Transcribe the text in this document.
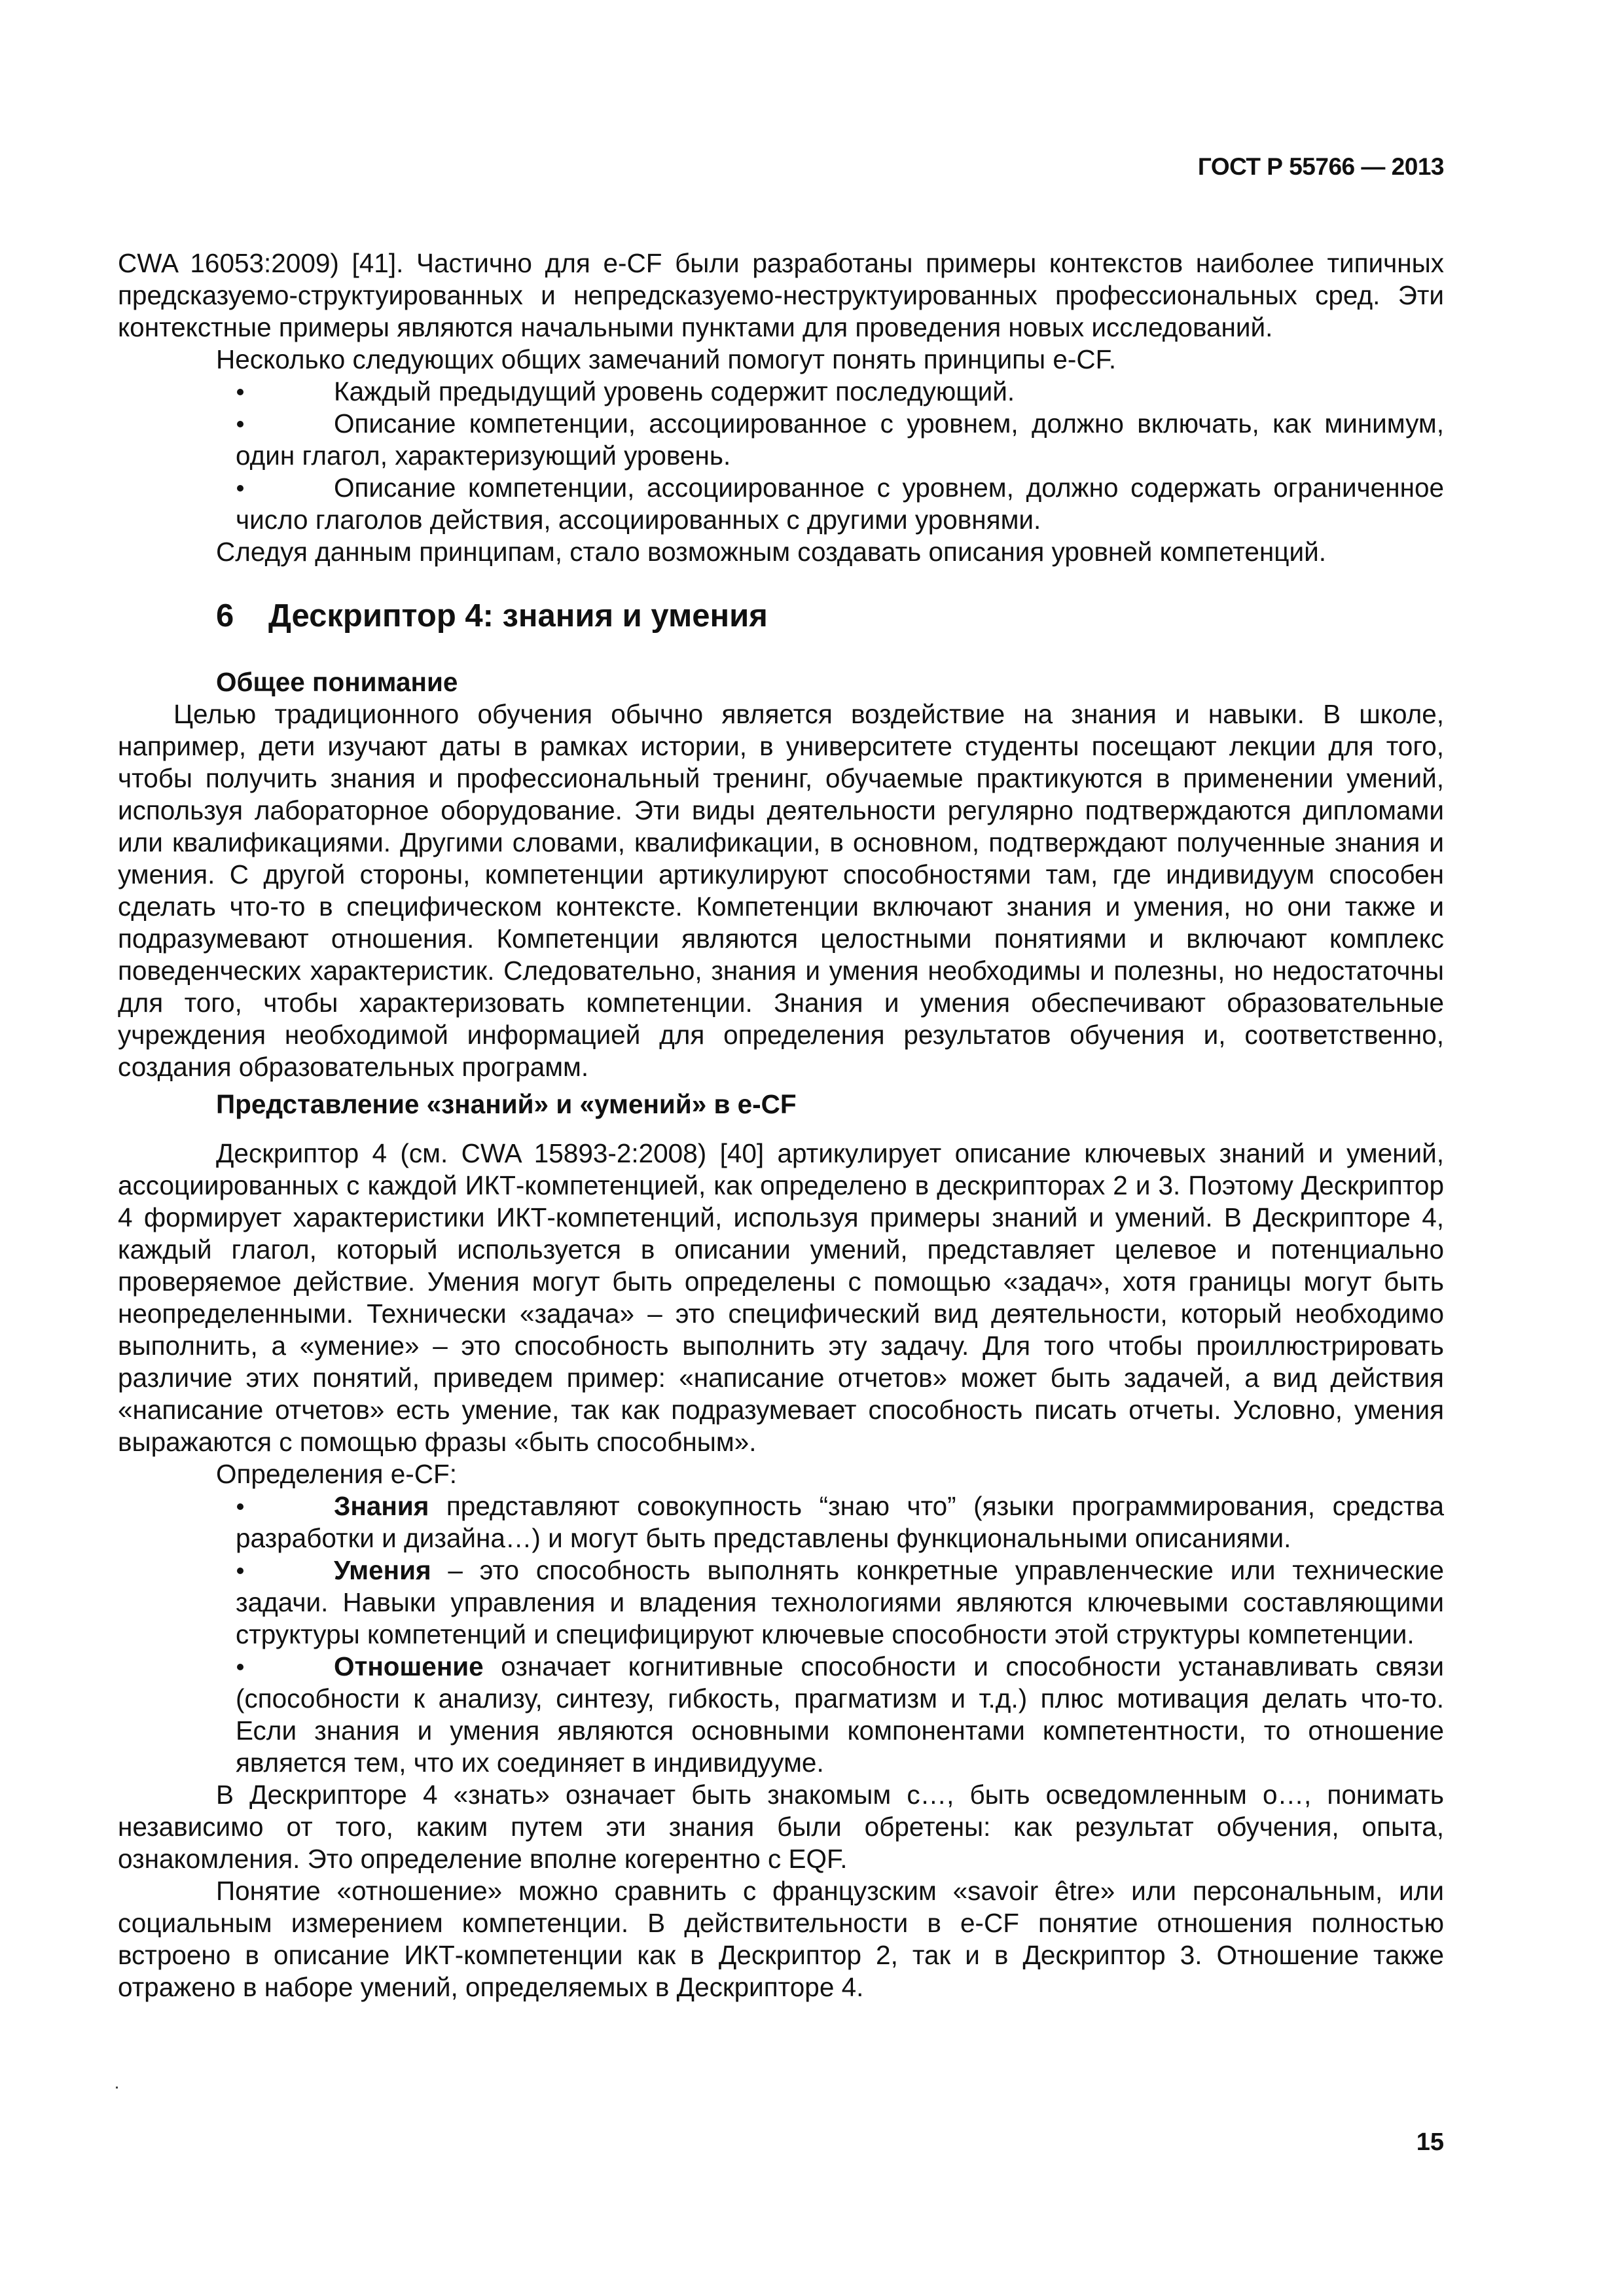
ГОСТ Р 55766 — 2013

CWA 16053:2009) [41]. Частично для e-CF были разработаны примеры контекстов наиболее типичных предсказуемо-структуированных и непредсказуемо-неструктуированных профессиональных сред. Эти контекстные примеры являются начальными пунктами для проведения новых исследований.

Несколько следующих общих замечаний помогут понять принципы e-CF.

Каждый предыдущий уровень содержит последующий.
Описание компетенции, ассоциированное с уровнем, должно включать, как минимум, один глагол, характеризующий уровень.
Описание компетенции, ассоциированное с уровнем, должно содержать ограниченное число глаголов действия, ассоциированных с другими уровнями.

Следуя данным принципам, стало возможным создавать описания уровней компетенций.

6 Дескриптор 4: знания и умения
Общее понимание

Целью традиционного обучения обычно является воздействие на знания и навыки. В школе, например, дети изучают даты в рамках истории, в университете студенты посещают лекции для того, чтобы получить знания и профессиональный тренинг, обучаемые практикуются в применении умений, используя лабораторное оборудование. Эти виды деятельности регулярно подтверждаются дипломами или квалификациями. Другими словами, квалификации, в основном, подтверждают полученные знания и умения. С другой стороны, компетенции артикулируют способностями там, где индивидуум способен сделать что-то в специфическом контексте. Компетенции включают знания и умения, но они также и подразумевают отношения. Компетенции являются целостными понятиями и включают комплекс поведенческих характеристик. Следовательно, знания и умения необходимы и полезны, но недостаточны для того, чтобы характеризовать компетенции. Знания и умения обеспечивают образовательные учреждения необходимой информацией для определения результатов обучения и, соответственно, создания образовательных программ.

Представление «знаний» и «умений» в e-CF

Дескриптор 4 (см. CWA 15893-2:2008) [40] артикулирует описание ключевых знаний и умений, ассоциированных с каждой ИКТ-компетенцией, как определено в дескрипторах 2 и 3. Поэтому Дескриптор 4 формирует характеристики ИКТ-компетенций, используя примеры знаний и умений. В Дескрипторе 4, каждый глагол, который используется в описании умений, представляет целевое и потенциально проверяемое действие. Умения могут быть определены с помощью «задач», хотя границы могут быть неопределенными. Технически «задача» – это специфический вид деятельности, который необходимо выполнить, а «умение» – это способность выполнить эту задачу. Для того чтобы проиллюстрировать различие этих понятий, приведем пример: «написание отчетов» может быть задачей, а вид действия «написание отчетов» есть умение, так как подразумевает способность писать отчеты. Условно, умения выражаются с помощью фразы «быть способным».

Определения e-CF:

Знания представляют совокупность “знаю что” (языки программирования, средства разработки и дизайна…) и могут быть представлены функциональными описаниями.
Умения – это способность выполнять конкретные управленческие или технические задачи. Навыки управления и владения технологиями являются ключевыми составляющими структуры компетенций и специфицируют ключевые способности этой структуры компетенции.
Отношение означает когнитивные способности и способности устанавливать связи (способности к анализу, синтезу, гибкость, прагматизм и т.д.) плюс мотивация делать что-то. Если знания и умения являются основными компонентами компетентности, то отношение является тем, что их соединяет в индивидууме.

В Дескрипторе 4 «знать» означает быть знакомым с…, быть осведомленным о…, понимать независимо от того, каким путем эти знания были обретены: как результат обучения, опыта, ознакомления. Это определение вполне когерентно с EQF.

Понятие «отношение» можно сравнить с французским «savoir être» или персональным, или социальным измерением компетенции. В действительности в e-CF понятие отношения полностью встроено в описание ИКТ-компетенции как в Дескриптор 2, так и в Дескриптор 3. Отношение также отражено в наборе умений, определяемых в Дескрипторе 4.

15
